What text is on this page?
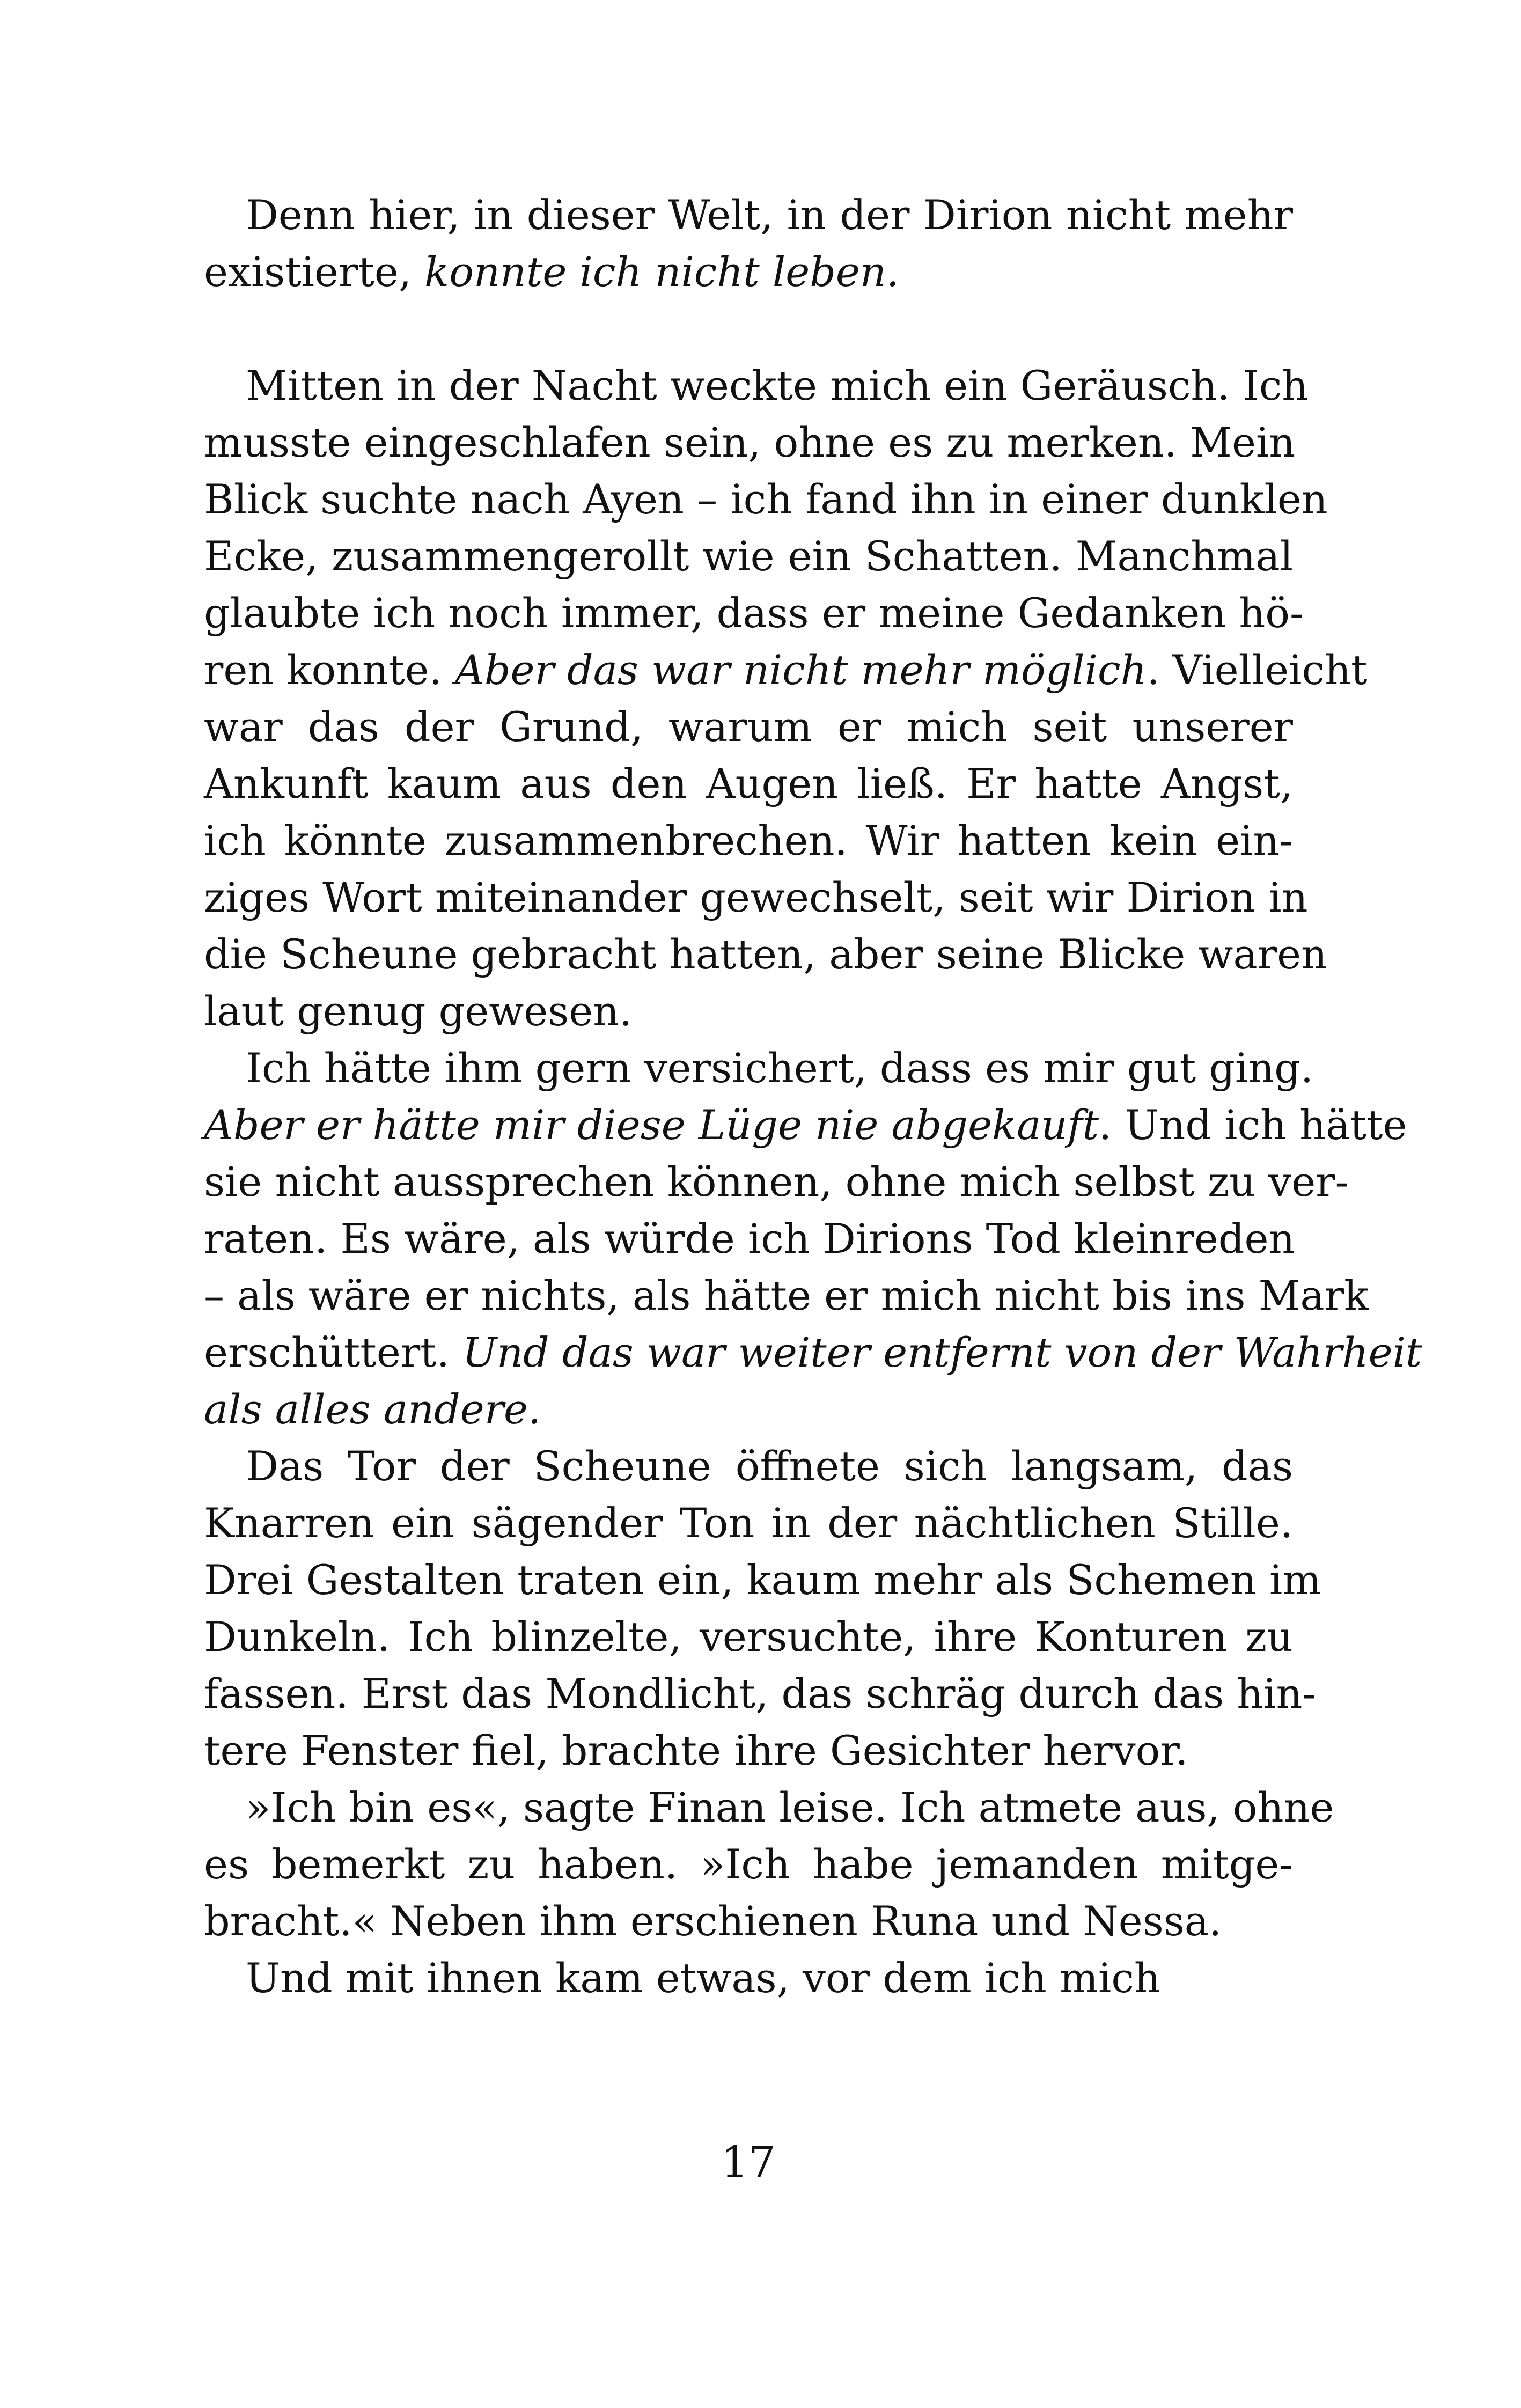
Denn hier, in dieser Welt, in der Dirion nicht mehr
existierte, konnte ich nicht leben.
Mitten in der Nacht weckte mich ein Geräusch. Ich
musste eingeschlafen sein, ohne es zu merken. Mein
Blick suchte nach Ayen – ich fand ihn in einer dunklen
Ecke, zusammengerollt wie ein Schatten. Manchmal
glaubte ich noch immer, dass er meine Gedanken hö-
ren konnte. Aber das war nicht mehr möglich. Vielleicht
war das der Grund, warum er mich seit unserer
Ankunft kaum aus den Augen ließ. Er hatte Angst,
ich könnte zusammenbrechen. Wir hatten kein ein-
ziges Wort miteinander gewechselt, seit wir Dirion in
die Scheune gebracht hatten, aber seine Blicke waren
laut genug gewesen.
Ich hätte ihm gern versichert, dass es mir gut ging.
Aber er hätte mir diese Lüge nie abgekauft. Und ich hätte
sie nicht aussprechen können, ohne mich selbst zu ver-
raten. Es wäre, als würde ich Dirions Tod kleinreden
– als wäre er nichts, als hätte er mich nicht bis ins Mark
erschüttert. Und das war weiter entfernt von der Wahrheit
als alles andere.
Das Tor der Scheune öffnete sich langsam, das
Knarren ein sägender Ton in der nächtlichen Stille.
Drei Gestalten traten ein, kaum mehr als Schemen im
Dunkeln. Ich blinzelte, versuchte, ihre Konturen zu
fassen. Erst das Mondlicht, das schräg durch das hin-
tere Fenster fiel, brachte ihre Gesichter hervor.
»Ich bin es«, sagte Finan leise. Ich atmete aus, ohne
es bemerkt zu haben. »Ich habe jemanden mitge-
bracht.« Neben ihm erschienen Runa und Nessa.
Und mit ihnen kam etwas, vor dem ich mich
17
